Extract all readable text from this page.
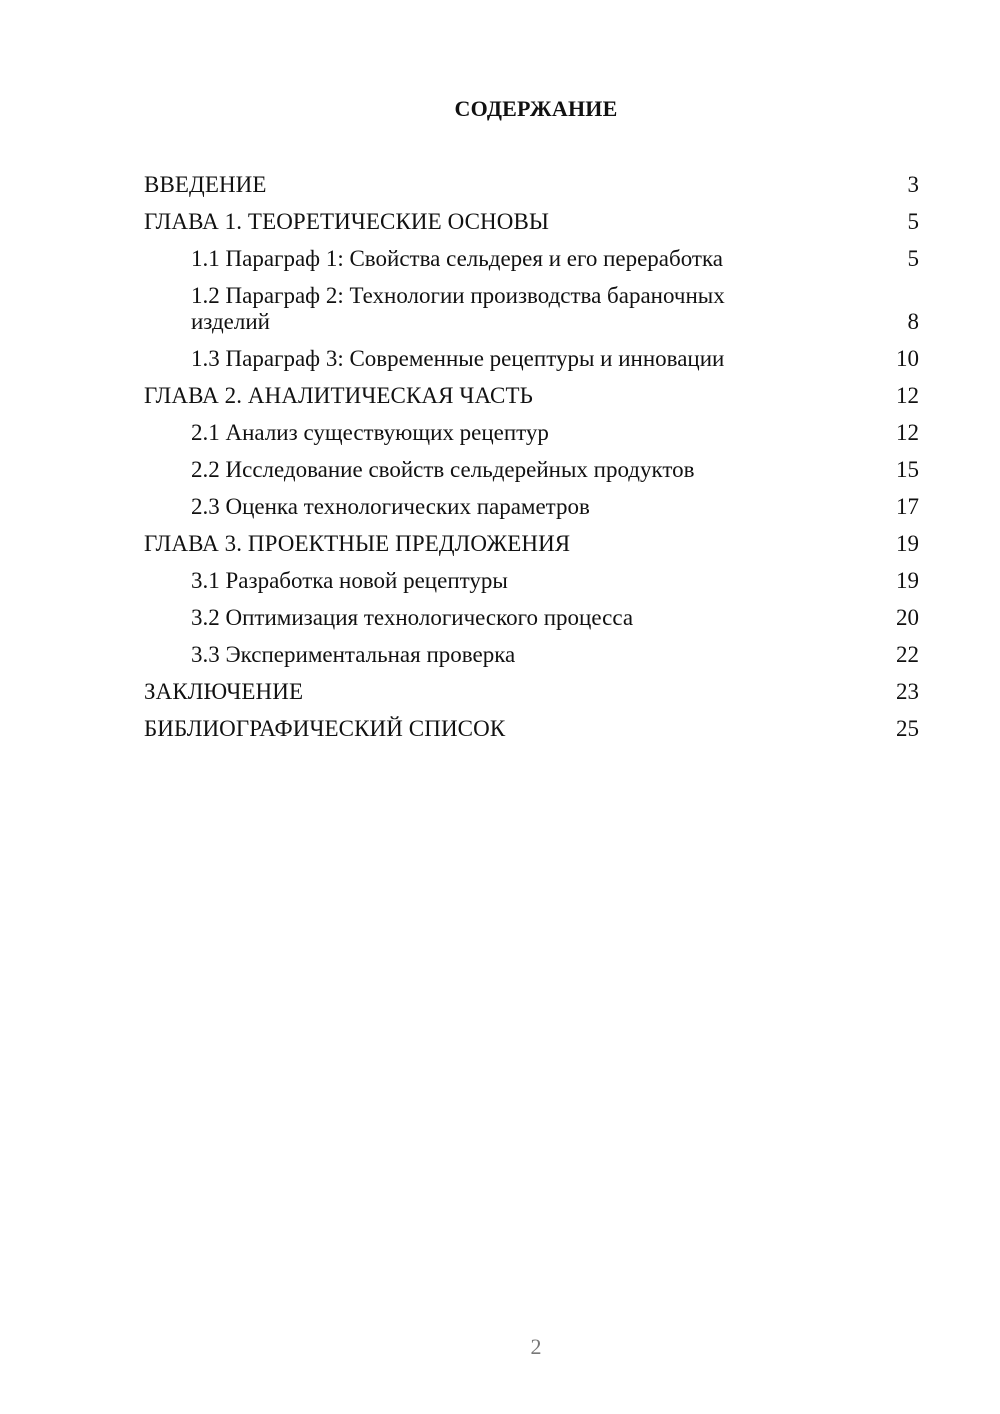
СОДЕРЖАНИЕ
ВВЕДЕНИЕ	3
ГЛАВА 1. ТЕОРЕТИЧЕСКИЕ ОСНОВЫ	5
1.1 Параграф 1: Свойства сельдерея и его переработка	5
1.2 Параграф 2: Технологии производства бараночных изделий	8
1.3 Параграф 3: Современные рецептуры и инновации	10
ГЛАВА 2. АНАЛИТИЧЕСКАЯ ЧАСТЬ	12
2.1 Анализ существующих рецептур	12
2.2 Исследование свойств сельдерейных продуктов	15
2.3 Оценка технологических параметров	17
ГЛАВА 3. ПРОЕКТНЫЕ ПРЕДЛОЖЕНИЯ	19
3.1 Разработка новой рецептуры	19
3.2 Оптимизация технологического процесса	20
3.3 Экспериментальная проверка	22
ЗАКЛЮЧЕНИЕ	23
БИБЛИОГРАФИЧЕСКИЙ СПИСОК	25
2
